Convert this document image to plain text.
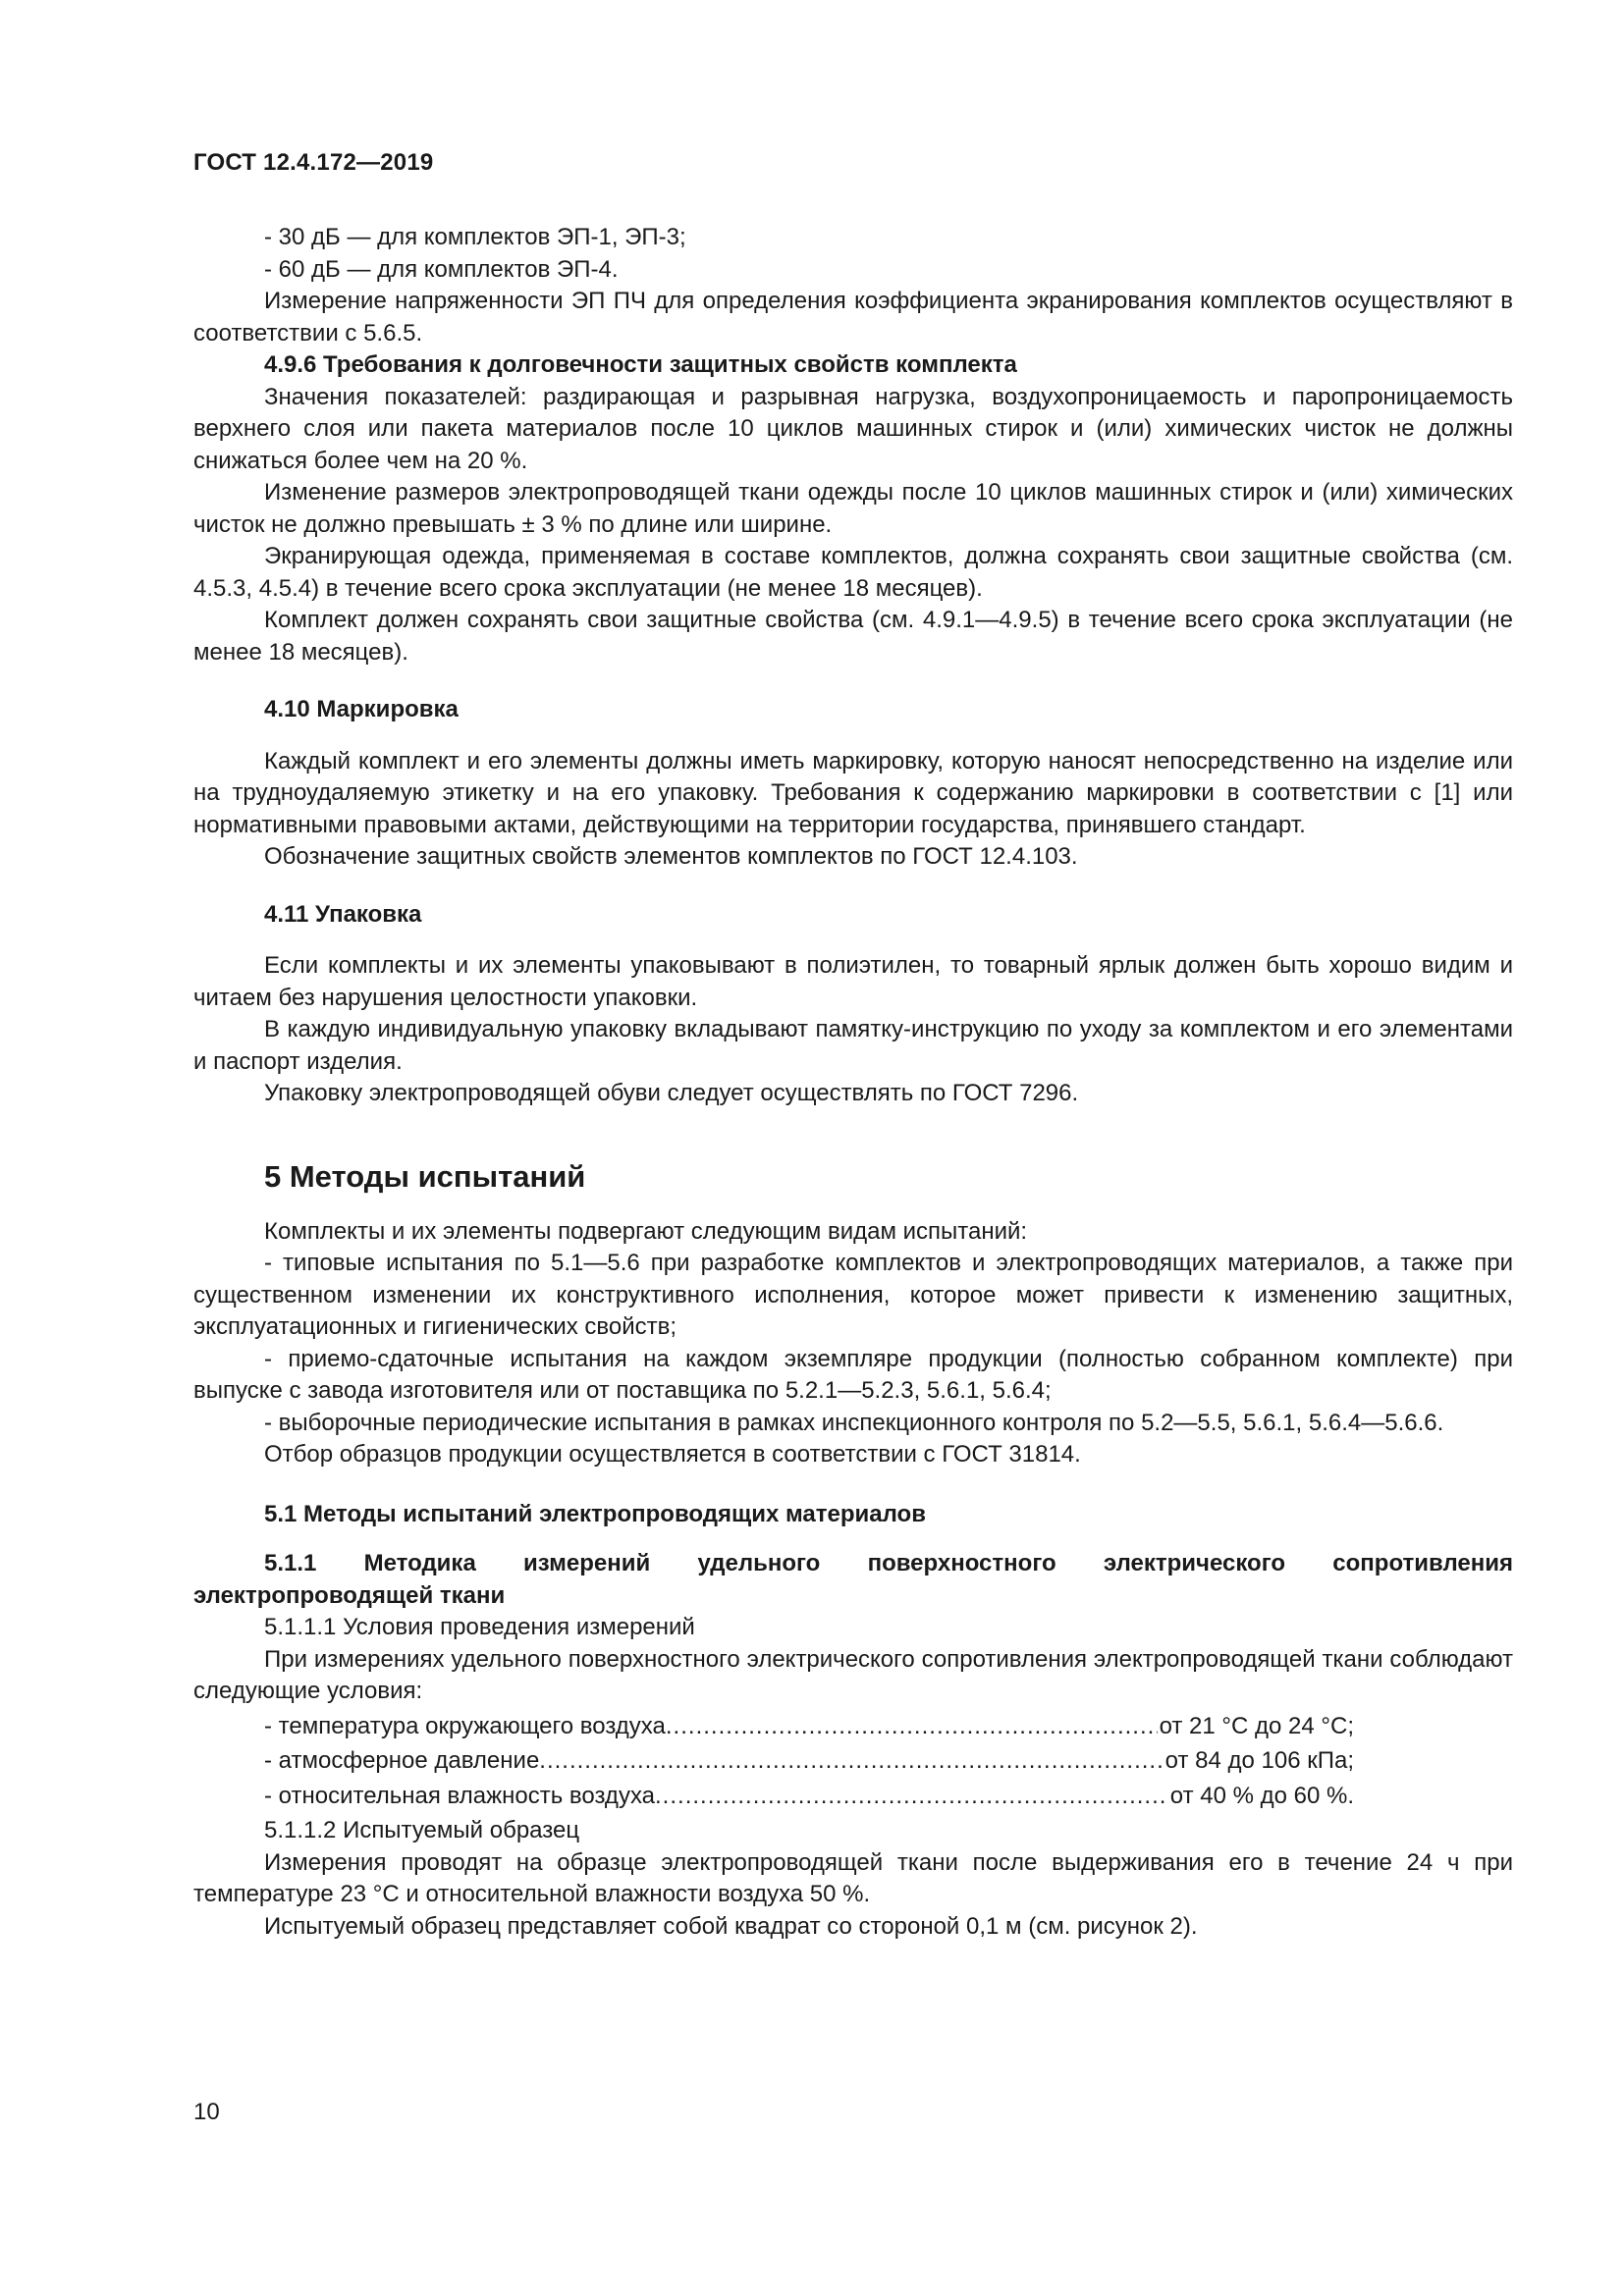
ГОСТ 12.4.172—2019

- 30 дБ — для комплектов ЭП-1, ЭП-3;

- 60 дБ — для комплектов ЭП-4.

Измерение напряженности ЭП ПЧ для определения коэффициента экранирования комплектов осуществляют в соответствии с 5.6.5.

4.9.6 Требования к долговечности защитных свойств комплекта

Значения показателей: раздирающая и разрывная нагрузка, воздухопроницаемость и паропроницаемость верхнего слоя или пакета материалов после 10 циклов машинных стирок и (или) химических чисток не должны снижаться более чем на 20 %.

Изменение размеров электропроводящей ткани одежды после 10 циклов машинных стирок и (или) химических чисток не должно превышать ± 3 % по длине или ширине.

Экранирующая одежда, применяемая в составе комплектов, должна сохранять свои защитные свойства (см. 4.5.3, 4.5.4) в течение всего срока эксплуатации (не менее 18 месяцев).

Комплект должен сохранять свои защитные свойства (см. 4.9.1—4.9.5) в течение всего срока эксплуатации (не менее 18 месяцев).

4.10 Маркировка

Каждый комплект и его элементы должны иметь маркировку, которую наносят непосредственно на изделие или на трудноудаляемую этикетку и на его упаковку. Требования к содержанию маркировки в соответствии с [1] или нормативными правовыми актами, действующими на территории государства, принявшего стандарт.

Обозначение защитных свойств элементов комплектов по ГОСТ 12.4.103.

4.11 Упаковка

Если комплекты и их элементы упаковывают в полиэтилен, то товарный ярлык должен быть хорошо видим и читаем без нарушения целостности упаковки.

В каждую индивидуальную упаковку вкладывают памятку-инструкцию по уходу за комплектом и его элементами и паспорт изделия.

Упаковку электропроводящей обуви следует осуществлять по ГОСТ 7296.

5 Методы испытаний

Комплекты и их элементы подвергают следующим видам испытаний:

- типовые испытания по 5.1—5.6 при разработке комплектов и электропроводящих материалов, а также при существенном изменении их конструктивного исполнения, которое может привести к изменению защитных, эксплуатационных и гигиенических свойств;

- приемо-сдаточные испытания на каждом экземпляре продукции (полностью собранном комплекте) при выпуске с завода изготовителя или от поставщика по 5.2.1—5.2.3, 5.6.1, 5.6.4;

- выборочные периодические испытания в рамках инспекционного контроля по 5.2—5.5, 5.6.1, 5.6.4—5.6.6.

Отбор образцов продукции осуществляется в соответствии с ГОСТ 31814.

5.1 Методы испытаний электропроводящих материалов

5.1.1 Методика измерений удельного поверхностного электрического сопротивления электропроводящей ткани

5.1.1.1 Условия проведения измерений

При измерениях удельного поверхностного электрического сопротивления электропроводящей ткани соблюдают следующие условия:

- температура окружающего воздуха .....	от 21 °С до 24 °С;
- атмосферное давление .....	от 84 до 106 кПа;
- относительная влажность воздуха .....	от 40 % до 60 %.

5.1.1.2 Испытуемый образец

Измерения проводят на образце электропроводящей ткани после выдерживания его в течение 24 ч при температуре 23 °С и относительной влажности воздуха 50 %.

Испытуемый образец представляет собой квадрат со стороной 0,1 м (см. рисунок 2).

10
